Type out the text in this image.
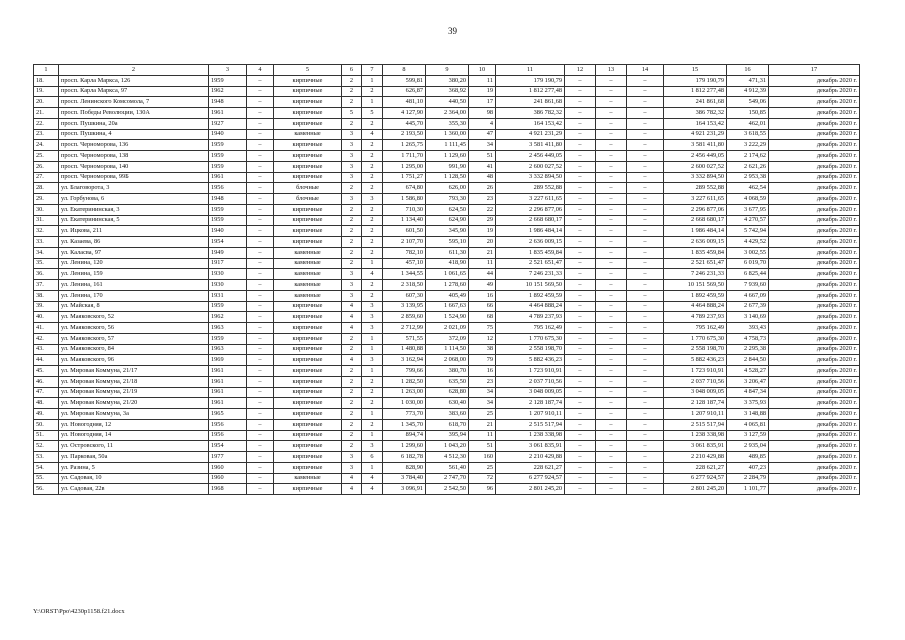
39
1	2	3	4	5	6	7	8	9	10	11	12	13	14	15	16	17
18.	просп. Карла Маркса, 126	1959	–	кирпичные	2	1	599,81	380,20	11	179 190,79	–	–	–	179 190,79	471,31	декабрь 2020 г.
19.	просп. Карла Маркса, 97	1962	–	кирпичные	2	2	626,87	368,92	19	1 812 277,48	–	–	–	1 812 277,48	4 912,39	декабрь 2020 г.
20.	просп. Ленинского Комсомола, 7	1948	–	кирпичные	2	1	481,10	440,50	17	241 861,68	–	–	–	241 861,68	549,06	декабрь 2020 г.
21.	просп. Победы Революции, 130А	1961	–	кирпичные	5	5	4 127,90	2 364,00	98	386 782,32	–	–	–	386 782,32	150,85	декабрь 2020 г.
22.	просп. Пушкина, 20а	1927	–	кирпичные	2	2	445,70	355,30	4	164 153,42	–	–	–	164 153,42	462,01	декабрь 2020 г.
23.	просп. Пушкина, 4	1940	–	каменные	3	4	2 193,50	1 360,00	47	4 921 231,29	–	–	–	4 921 231,29	3 618,55	декабрь 2020 г.
24.	просп. Черноморова, 136	1959	–	кирпичные	3	2	1 265,75	1 111,45	34	3 581 411,80	–	–	–	3 581 411,80	3 222,29	декабрь 2020 г.
25.	просп. Черноморова, 138	1959	–	кирпичные	3	2	1 711,70	1 129,60	51	2 456 449,05	–	–	–	2 456 449,05	2 174,62	декабрь 2020 г.
26.	просп. Черноморова, 140	1959	–	кирпичные	3	2	1 295,00	991,90	41	2 600 027,52	–	–	–	2 600 027,52	2 621,26	декабрь 2020 г.
27.	просп. Черноморова, 99Б	1961	–	кирпичные	3	2	1 751,27	1 128,50	48	3 332 894,50	–	–	–	3 332 894,50	2 953,38	декабрь 2020 г.
28.	ул. Благоворота, 3	1956	–	блочные	2	2	674,80	626,00	26	289 552,88	–	–	–	289 552,88	462,54	декабрь 2020 г.
29.	ул. Горбунова, 6	1948	–	блочные	3	3	1 586,80	793,30	23	3 227 611,65	–	–	–	3 227 611,65	4 068,59	декабрь 2020 г.
30.	ул. Екатерининская, 3	1959	–	кирпичные	2	2	710,30	624,50	22	2 296 877,06	–	–	–	2 296 877,06	3 677,95	декабрь 2020 г.
31.	ул. Екатерининская, 5	1959	–	кирпичные	2	2	1 134,40	624,90	29	2 668 680,17	–	–	–	2 668 680,17	4 270,57	декабрь 2020 г.
32.	ул. Ицкова, 211	1940	–	кирпичные	2	2	601,50	345,90	19	1 986 484,14	–	–	–	1 986 484,14	5 742,94	декабрь 2020 г.
33.	ул. Казаева, 86	1954	–	кирпичные	2	2	2 107,70	595,10	20	2 636 009,15	–	–	–	2 636 009,15	4 429,52	декабрь 2020 г.
34.	ул. Каласва, 97	1949	–	каменные	2	2	782,10	611,30	21	1 835 459,84	–	–	–	1 835 459,84	3 002,55	декабрь 2020 г.
35.	ул. Ленина, 120	1917	–	каменные	2	1	457,10	418,90	11	2 521 651,47	–	–	–	2 521 651,47	6 019,70	декабрь 2020 г.
36.	ул. Ленина, 159	1930	–	каменные	3	4	1 344,55	1 061,65	44	7 246 231,33	–	–	–	7 246 231,33	6 825,44	декабрь 2020 г.
37.	ул. Ленина, 161	1930	–	каменные	3	2	2 318,50	1 278,60	49	10 151 569,50	–	–	–	10 151 569,50	7 939,60	декабрь 2020 г.
38.	ул. Ленина, 170	1931	–	каменные	3	2	607,30	405,49	16	1 892 459,59	–	–	–	1 892 459,59	4 667,09	декабрь 2020 г.
39.	ул. Майская, 8	1959	–	кирпичные	4	3	3 139,95	1 667,63	66	4 464 888,24	–	–	–	4 464 888,24	2 677,39	декабрь 2020 г.
40.	ул. Маяковского, 52	1962	–	кирпичные	4	3	2 859,60	1 524,90	68	4 789 237,93	–	–	–	4 789 237,93	3 140,69	декабрь 2020 г.
41.	ул. Маяковского, 56	1963	–	кирпичные	4	3	2 712,99	2 021,09	75	795 162,49	–	–	–	795 162,49	393,43	декабрь 2020 г.
42.	ул. Маяковского, 57	1959	–	кирпичные	2	1	571,55	372,09	12	1 770 675,30	–	–	–	1 770 675,30	4 758,73	декабрь 2020 г.
43.	ул. Маяковского, 84	1963	–	кирпичные	2	1	1 480,88	1 114,50	38	2 558 198,70	–	–	–	2 558 198,70	2 295,38	декабрь 2020 г.
44.	ул. Маяковского, 96	1969	–	кирпичные	4	3	3 162,94	2 068,00	79	5 882 436,23	–	–	–	5 882 436,23	2 844,50	декабрь 2020 г.
45.	ул. Мировая Коммуна, 21/17	1961	–	кирпичные	2	1	799,66	380,70	16	1 723 910,91	–	–	–	1 723 910,91	4 528,27	декабрь 2020 г.
46.	ул. Мировая Коммуна, 21/18	1961	–	кирпичные	2	2	1 282,50	635,50	23	2 037 710,56	–	–	–	2 037 710,56	3 206,47	декабрь 2020 г.
47.	ул. Мировая Коммуна, 21/19	1961	–	кирпичные	2	2	1 263,00	628,80	34	3 048 009,05	–	–	–	3 048 009,05	4 847,34	декабрь 2020 г.
48.	ул. Мировая Коммуна, 21/20	1961	–	кирпичные	2	2	1 030,00	630,40	34	2 128 187,74	–	–	–	2 128 187,74	3 375,93	декабрь 2020 г.
49.	ул. Мировая Коммуна, 3а	1965	–	кирпичные	2	1	773,70	383,60	25	1 207 910,11	–	–	–	1 207 910,11	3 148,88	декабрь 2020 г.
50.	ул. Новогодняя, 12	1956	–	кирпичные	2	2	1 345,70	618,70	21	2 515 517,94	–	–	–	2 515 517,94	4 065,81	декабрь 2020 г.
51.	ул. Новогодняя, 14	1956	–	кирпичные	2	1	894,74	395,94	11	1 238 338,98	–	–	–	1 238 338,98	3 127,59	декабрь 2020 г.
52.	ул. Островского, 11	1954	–	кирпичные	2	3	1 299,60	1 043,20	51	3 061 835,91	–	–	–	3 061 835,91	2 935,04	декабрь 2020 г.
53.	ул. Парковая, 50а	1977	–	кирпичные	3	6	6 182,78	4 512,30	160	2 210 429,88	–	–	–	2 210 429,88	489,85	декабрь 2020 г.
54.	ул. Разина, 5	1960	–	кирпичные	3	1	828,90	561,40	25	228 621,27	–	–	–	228 621,27	407,23	декабрь 2020 г.
55.	ул. Садовая, 10	1960	–	каменные	4	4	3 784,40	2 747,70	72	6 277 924,57	–	–	–	6 277 924,57	2 284,79	декабрь 2020 г.
56.	ул. Садовая, 22в	1968	–	кирпичные	4	4	3 096,91	2 542,50	96	2 801 245,20	–	–	–	2 801 245,20	1 101,77	декабрь 2020 г.
Y:\ORST\Ppo\4230p1158.f21.docx
